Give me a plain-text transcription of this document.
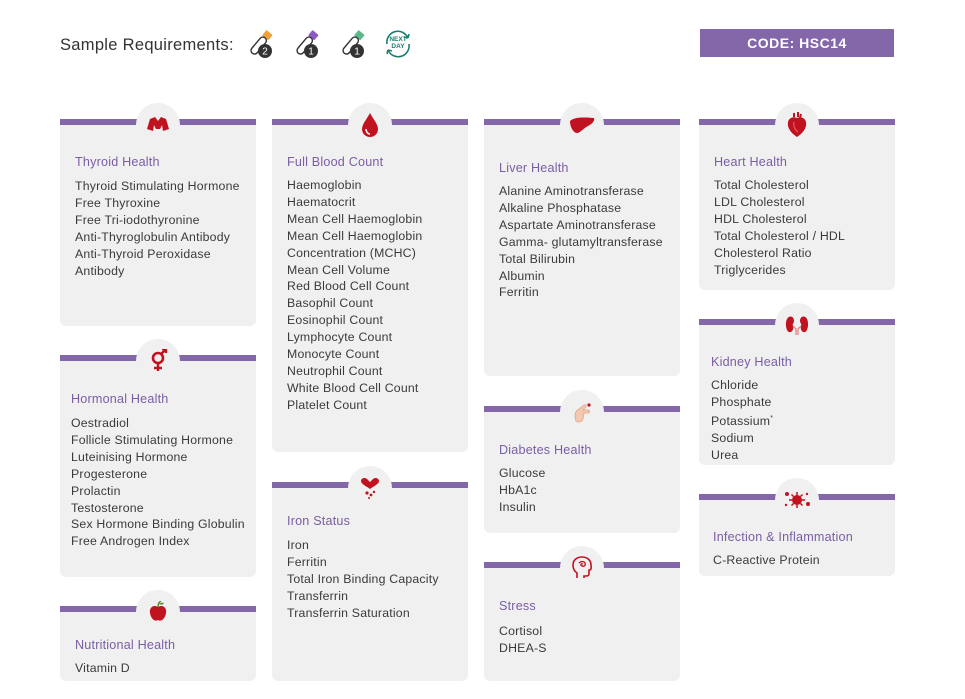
Sample Requirements:	2	1	1
NEXT
DAY	CODE: HSC14
Thyroid Health
Thyroid Stimulating Hormone
Free Thyroxine
Free Tri-iodothyronine
Anti-Thyroglobulin Antibody
Anti-Thyroid Peroxidase
Antibody
Hormonal Health
Oestradiol
Follicle Stimulating Hormone
Luteinising Hormone
Progesterone
Prolactin
Testosterone
Sex Hormone Binding Globulin
Free Androgen Index
Nutritional Health
Vitamin D
Full Blood Count
Haemoglobin
Haematocrit
Mean Cell Haemoglobin
Mean Cell Haemoglobin
Concentration (MCHC)
Mean Cell Volume
Red Blood Cell Count
Basophil Count
Eosinophil Count
Lymphocyte Count
Monocyte Count
Neutrophil Count
White Blood Cell Count
Platelet Count
Iron Status
Iron
Ferritin
Total Iron Binding Capacity
Transferrin
Transferrin Saturation
Liver Health
Alanine Aminotransferase
Alkaline Phosphatase
Aspartate Aminotransferase
Gamma- glutamyltransferase
Total Bilirubin
Albumin
Ferritin
Diabetes Health
Glucose
HbA1c
Insulin
Stress
Cortisol
DHEA-S
Heart Health
Total Cholesterol
LDL Cholesterol
HDL Cholesterol
Total Cholesterol / HDL
Cholesterol Ratio
Triglycerides
Kidney Health
Chloride
Phosphate
Potassium*
Sodium
Urea
Infection & Inflammation
C-Reactive Protein
